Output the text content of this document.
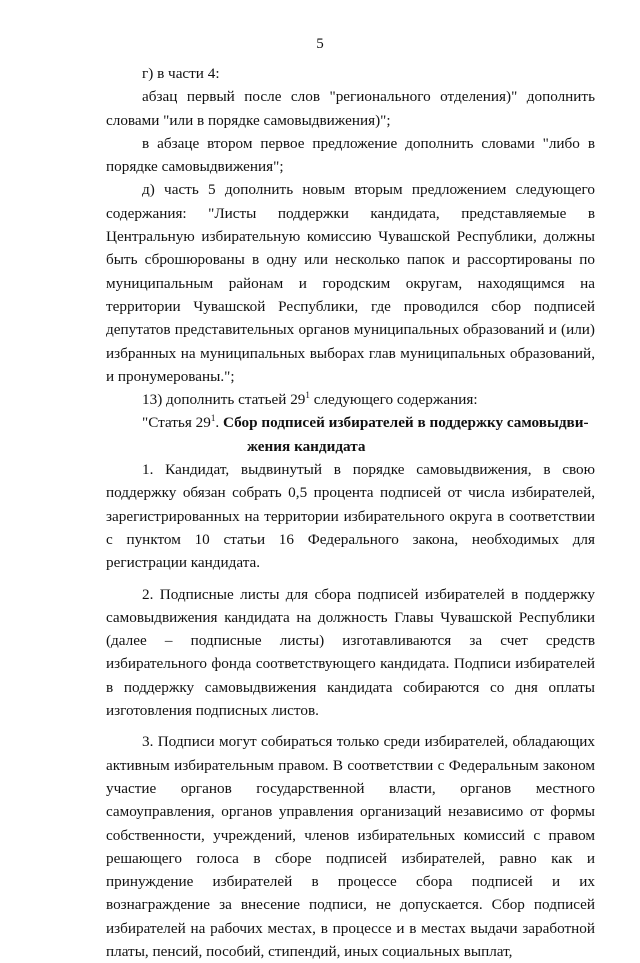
5

г) в части 4:

абзац первый после слов "регионального отделения)" дополнить словами "или в порядке самовыдвижения)";

в абзаце втором первое предложение дополнить словами "либо в порядке самовыдвижения";

д) часть 5 дополнить новым вторым предложением следующего содержания: "Листы поддержки кандидата, представляемые в Центральную избирательную комиссию Чувашской Республики, должны быть сброшюрованы в одну или несколько папок и рассортированы по муниципальным районам и городским округам, находящимся на территории Чувашской Республики, где проводился сбор подписей депутатов представительных органов муниципальных образований и (или) избранных на муниципальных выборах глав муниципальных образований, и пронумерованы.";

13) дополнить статьей $29^1$ следующего содержания:

"Статья $29^1$. Сбор подписей избирателей в поддержку самовыдви-
жения кандидата

1. Кандидат, выдвинутый в порядке самовыдвижения, в свою поддержку обязан собрать 0,5 процента подписей от числа избирателей, зарегистрированных на территории избирательного округа в соответствии с пунктом 10 статьи 16 Федерального закона, необходимых для регистрации кандидата.

2. Подписные листы для сбора подписей избирателей в поддержку самовыдвижения кандидата на должность Главы Чувашской Республики (далее – подписные листы) изготавливаются за счет средств избирательного фонда соответствующего кандидата. Подписи избирателей в поддержку самовыдвижения кандидата собираются со дня оплаты изготовления подписных листов.

3. Подписи могут собираться только среди избирателей, обладающих активным избирательным правом. В соответствии с Федеральным законом участие органов государственной власти, органов местного самоуправления, органов управления организаций независимо от формы собственности, учреждений, членов избирательных комиссий с правом решающего голоса в сборе подписей избирателей, равно как и принуждение избирателей в процессе сбора подписей и их вознаграждение за внесение подписи, не допускается. Сбор подписей избирателей на рабочих местах, в процессе и в местах выдачи заработной платы, пенсий, пособий, стипендий, иных социальных выплат,
